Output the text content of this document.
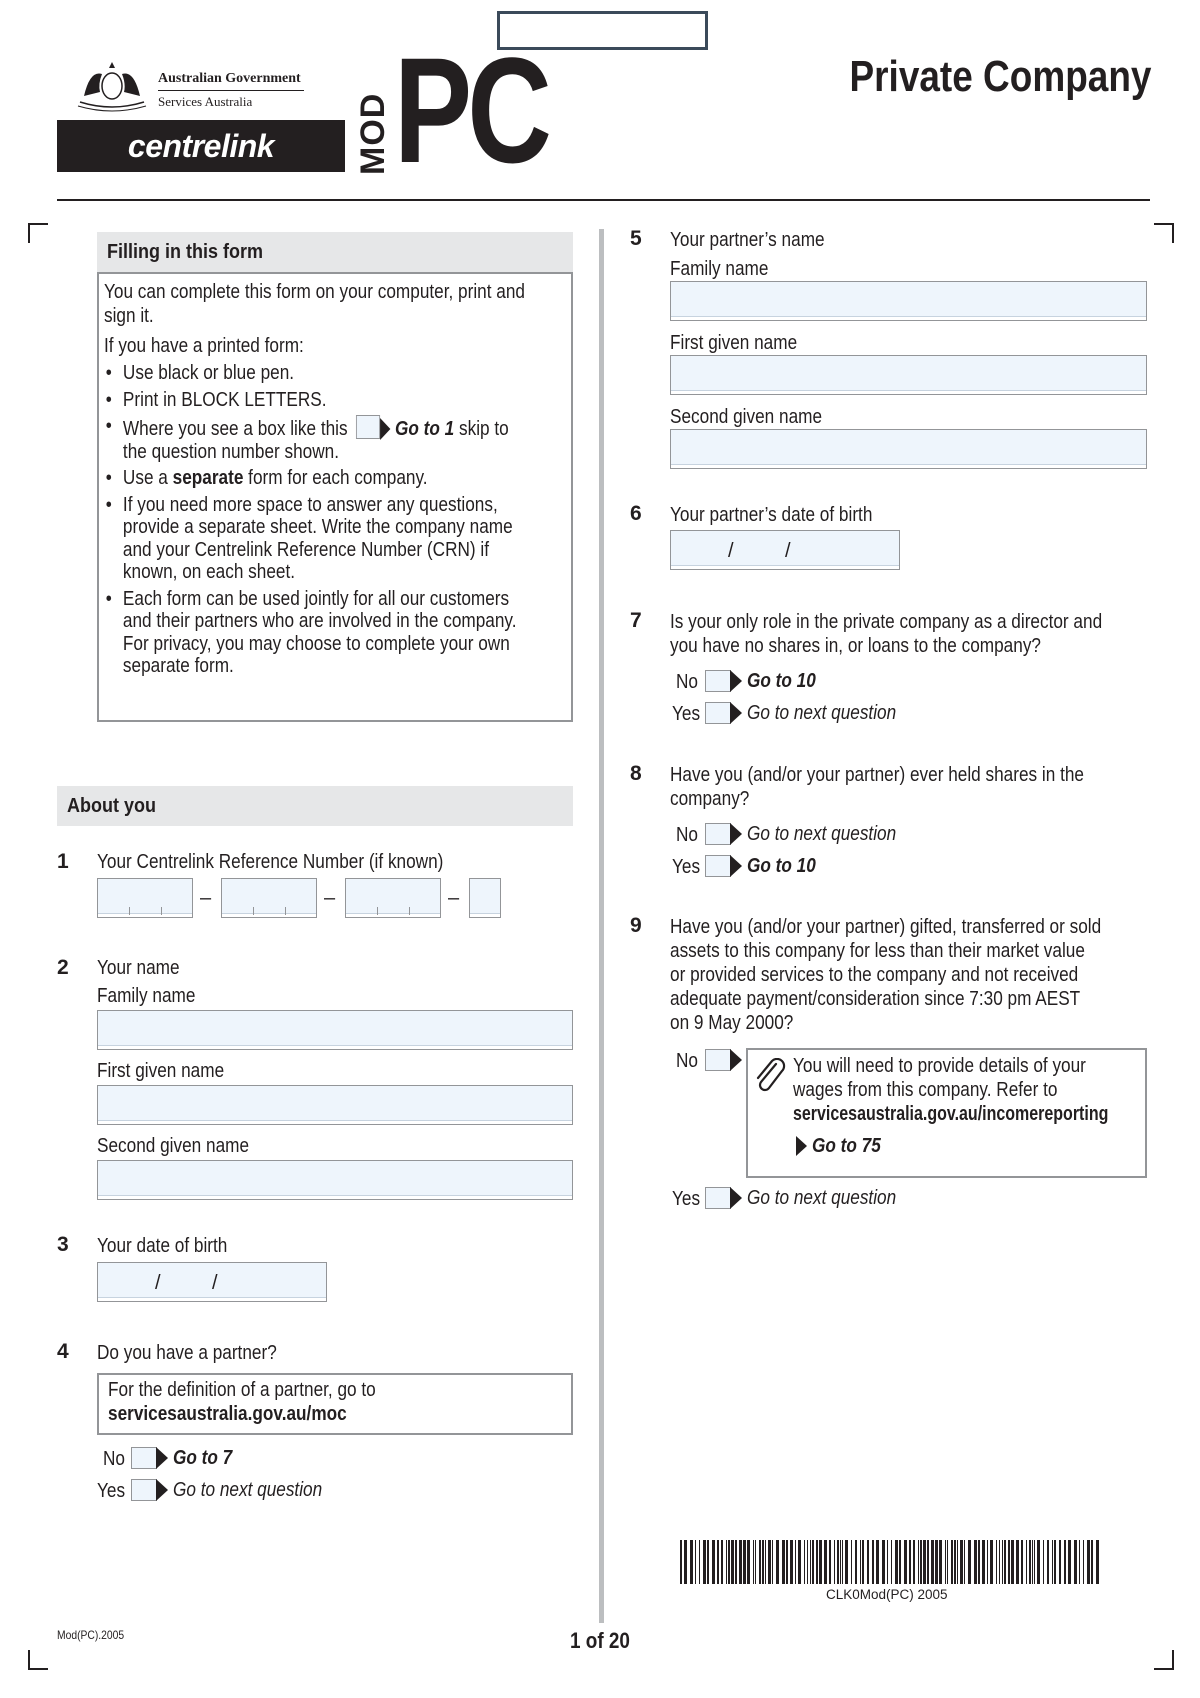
Australian Government
Services Australia
centrelink MOD PC	Private Company
Filling in this form
You can complete this form on your computer, print and sign it.
If you have a printed form:
• Use black or blue pen.
• Print in BLOCK LETTERS.
• Where you see a box like this Go to 1 skip to the question number shown.
• Use a separate form for each company.
• If you need more space to answer any questions, provide a separate sheet. Write the company name and your Centrelink Reference Number (CRN) if known, on each sheet.
• Each form can be used jointly for all our customers and their partners who are involved in the company. For privacy, you may choose to complete your own separate form.
About you
1 Your Centrelink Reference Number (if known)
–	–	–
2 Your name
Family name
First given name
Second given name
3 Your date of birth
/	/
4 Do you have a partner?
For the definition of a partner, go to
servicesaustralia.gov.au/moc
No Go to 7
Yes Go to next question
5 Your partner’s name
Family name
First given name
Second given name
6 Your partner’s date of birth
/	/
7 Is your only role in the private company as a director and
you have no shares in, or loans to the company?
No Go to 10
Yes Go to next question
8 Have you (and/or your partner) ever held shares in the
company?
No Go to next question
Yes Go to 10
9 Have you (and/or your partner) gifted, transferred or sold
assets to this company for less than their market value
or provided services to the company and not received
adequate payment/consideration since 7:30 pm AEST
on 9 May 2000?
No	You will need to provide details of your
wages from this company. Refer to
servicesaustralia.gov.au/incomereporting
Go to 75
Yes Go to next question
CLK0Mod(PC) 2005
Mod(PC).2005	1 of 20
